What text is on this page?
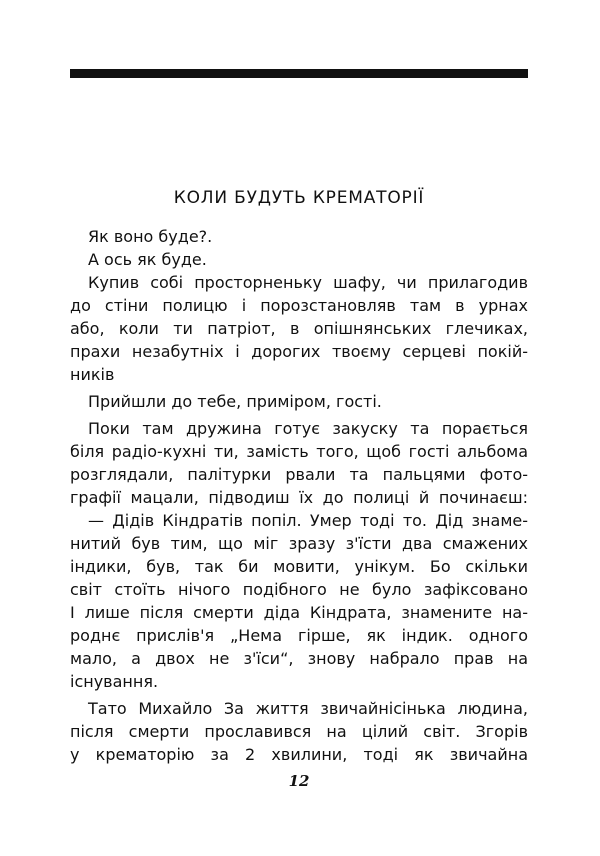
КОЛИ БУДУТЬ КРЕМАТОРІЇ
Як воно буде?.
А ось як буде.
Купив собі просторненьку шафу, чи прилагодив
до стіни полицю і порозстановляв там в урнах
або, коли ти патріот, в опішнянських глечиках,
прахи незабутніх і дорогих твоєму серцеві покій-
ників
Прийшли до тебе, приміром, гості.
Поки там дружина готує закуску та порається
біля радіо-кухні ти, замість того, щоб гості альбома
розглядали, палітурки рвали та пальцями фото-
графії мацали, підводиш їх до полиці й починаєш:
— Дідів Кіндратів попіл. Умер тоді то. Дід знаме-
нитий був тим, що міг зразу з'їсти два смажених
індики, був, так би мовити, унікум. Бо скільки
світ стоїть нічого подібного не було зафіксовано
І лише після смерти діда Кіндрата, знамените на-
роднє прислів'я „Нема гірше, як індик. одного
мало, а двох не з'їси“, знову набрало прав на
існування.
Тато Михайло За життя звичайнісінька людина,
після смерти прославився на цілий світ. Згорів
у крематорію за 2 хвилини, тоді як звичайна
12
